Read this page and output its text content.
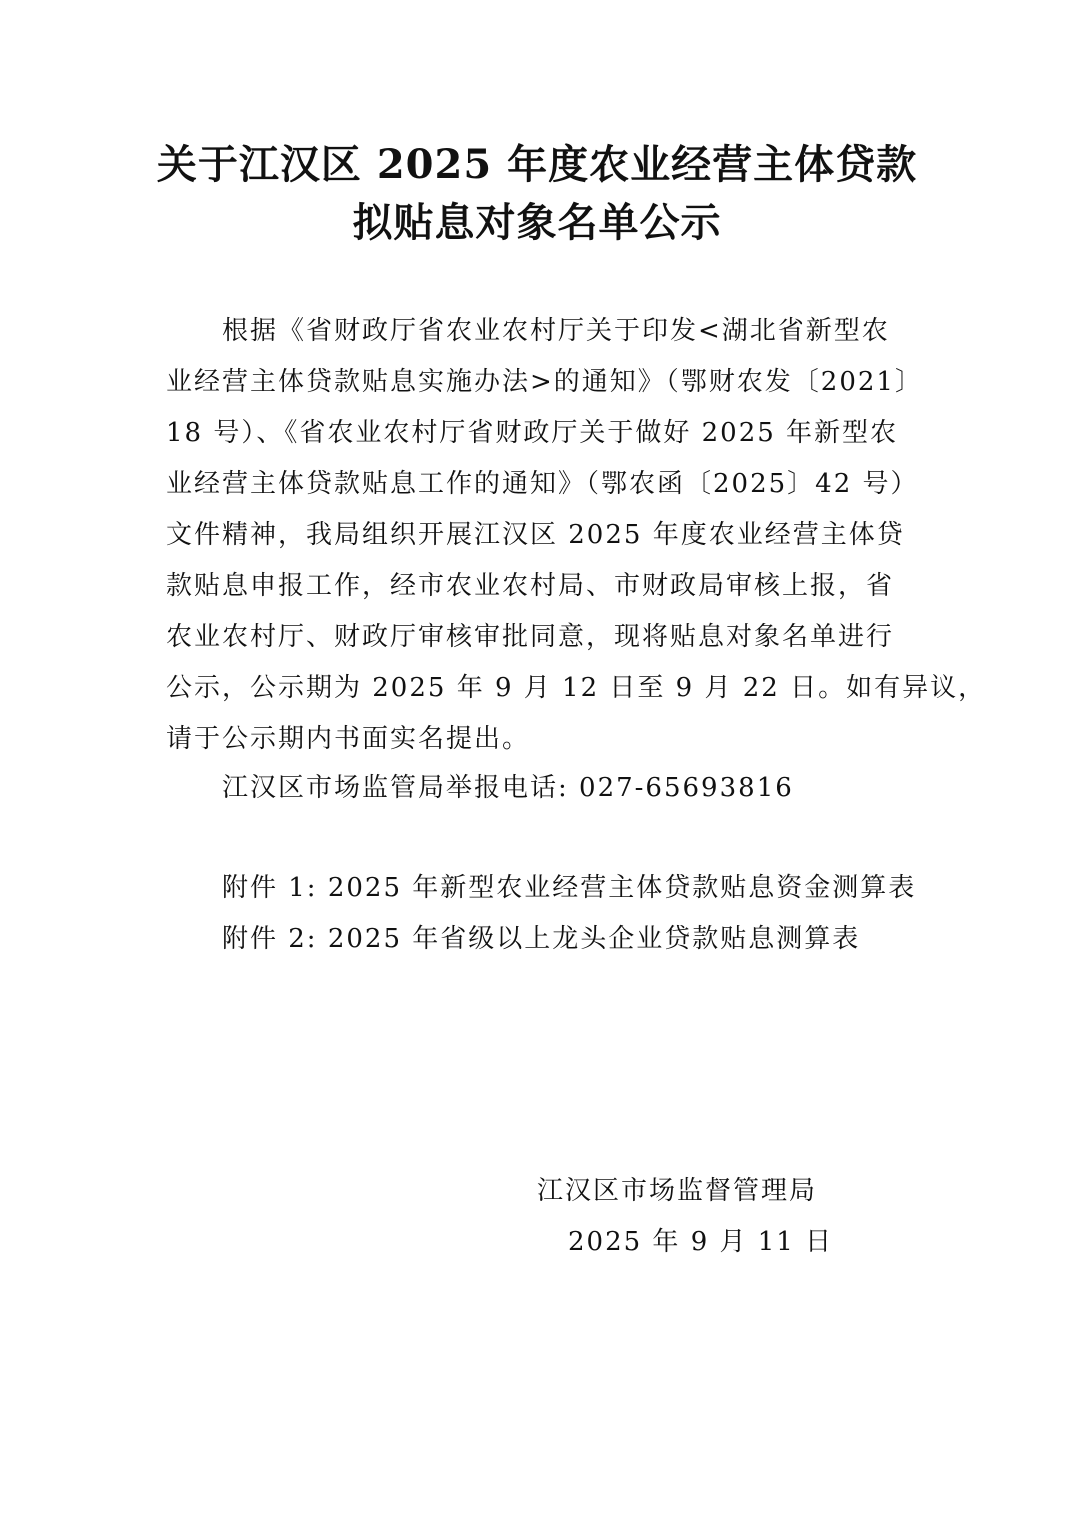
关于江汉区 2025 年度农业经营主体贷款
拟贴息对象名单公示
根据《省财政厅省农业农村厅关于印发<湖北省新型农
业经营主体贷款贴息实施办法>的通知》（鄂财农发〔2021〕
18 号）、《省农业农村厅省财政厅关于做好 2025 年新型农
业经营主体贷款贴息工作的通知》（鄂农函〔2025〕42 号）
文件精神，我局组织开展江汉区 2025 年度农业经营主体贷
款贴息申报工作，经市农业农村局、市财政局审核上报，省
农业农村厅、财政厅审核审批同意，现将贴息对象名单进行
公示，公示期为 2025 年 9 月 12 日至 9 月 22 日。如有异议，
请于公示期内书面实名提出。
江汉区市场监管局举报电话: 027-65693816
附件 1: 2025 年新型农业经营主体贷款贴息资金测算表
附件 2: 2025 年省级以上龙头企业贷款贴息测算表
江汉区市场监督管理局
2025 年 9 月 11 日
